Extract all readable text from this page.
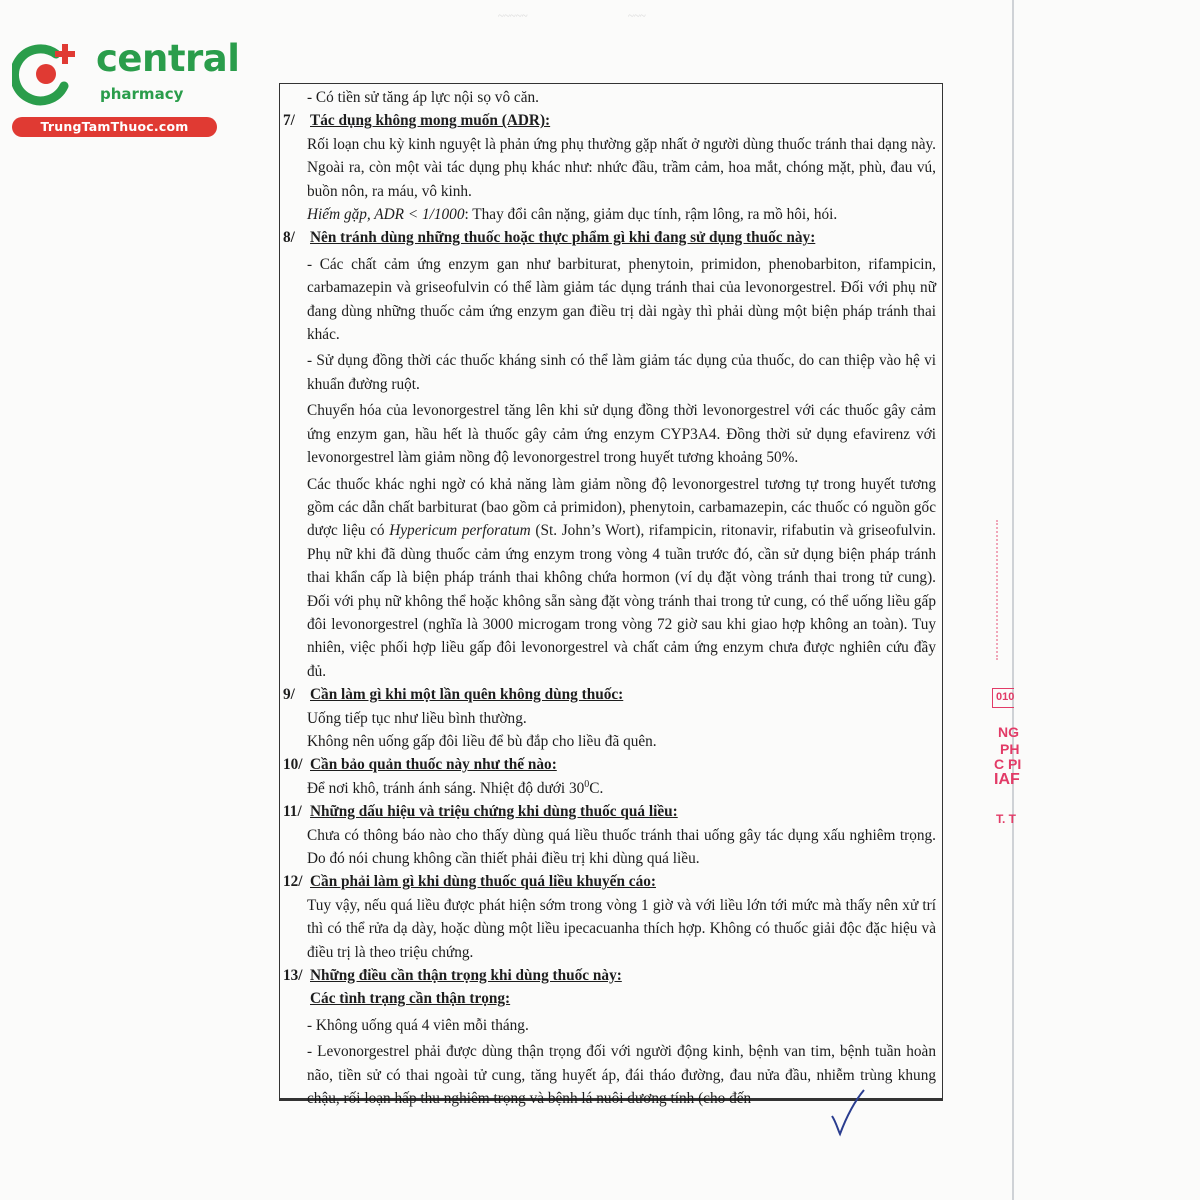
central
pharmacy
TrungTamThuoc.com
~~~~~	~~~

- Có tiền sử tăng áp lực nội sọ vô căn.

7/ Tác dụng không mong muốn (ADR):

Rối loạn chu kỳ kinh nguyệt là phản ứng phụ thường gặp nhất ở người dùng thuốc tránh thai dạng này. Ngoài ra, còn một vài tác dụng phụ khác như: nhức đầu, trầm cảm, hoa mắt, chóng mặt, phù, đau vú, buồn nôn, ra máu, vô kinh.

Hiếm gặp, ADR < 1/1000: Thay đổi cân nặng, giảm dục tính, rậm lông, ra mồ hôi, hói.

8/ Nên tránh dùng những thuốc hoặc thực phẩm gì khi đang sử dụng thuốc này:

- Các chất cảm ứng enzym gan như barbiturat, phenytoin, primidon, phenobarbiton, rifampicin, carbamazepin và griseofulvin có thể làm giảm tác dụng tránh thai của levonorgestrel. Đối với phụ nữ đang dùng những thuốc cảm ứng enzym gan điều trị dài ngày thì phải dùng một biện pháp tránh thai khác.

- Sử dụng đồng thời các thuốc kháng sinh có thể làm giảm tác dụng của thuốc, do can thiệp vào hệ vi khuẩn đường ruột.

Chuyển hóa của levonorgestrel tăng lên khi sử dụng đồng thời levonorgestrel với các thuốc gây cảm ứng enzym gan, hầu hết là thuốc gây cảm ứng enzym CYP3A4. Đồng thời sử dụng efavirenz với levonorgestrel làm giảm nồng độ levonorgestrel trong huyết tương khoảng 50%.

Các thuốc khác nghi ngờ có khả năng làm giảm nồng độ levonorgestrel tương tự trong huyết tương gồm các dẫn chất barbiturat (bao gồm cả primidon), phenytoin, carbamazepin, các thuốc có nguồn gốc dược liệu có Hypericum perforatum (St. John’s Wort), rifampicin, ritonavir, rifabutin và griseofulvin. Phụ nữ khi đã dùng thuốc cảm ứng enzym trong vòng 4 tuần trước đó, cần sử dụng biện pháp tránh thai khẩn cấp là biện pháp tránh thai không chứa hormon (ví dụ đặt vòng tránh thai trong tử cung). Đối với phụ nữ không thể hoặc không sẵn sàng đặt vòng tránh thai trong tử cung, có thể uống liều gấp đôi levonorgestrel (nghĩa là 3000 microgam trong vòng 72 giờ sau khi giao hợp không an toàn). Tuy nhiên, việc phối hợp liều gấp đôi levonorgestrel và chất cảm ứng enzym chưa được nghiên cứu đầy đủ.

9/ Cần làm gì khi một lần quên không dùng thuốc:

Uống tiếp tục như liều bình thường.

Không nên uống gấp đôi liều để bù đắp cho liều đã quên.

10/ Cần bảo quản thuốc này như thế nào:

Để nơi khô, tránh ánh sáng. Nhiệt độ dưới $30^0C$.

11/ Những dấu hiệu và triệu chứng khi dùng thuốc quá liều:

Chưa có thông báo nào cho thấy dùng quá liều thuốc tránh thai uống gây tác dụng xấu nghiêm trọng. Do đó nói chung không cần thiết phải điều trị khi dùng quá liều.

12/ Cần phải làm gì khi dùng thuốc quá liều khuyến cáo:

Tuy vậy, nếu quá liều được phát hiện sớm trong vòng 1 giờ và với liều lớn tới mức mà thấy nên xử trí thì có thể rửa dạ dày, hoặc dùng một liều ipecacuanha thích hợp. Không có thuốc giải độc đặc hiệu và điều trị là theo triệu chứng.

13/ Những điều cần thận trọng khi dùng thuốc này:

Các tình trạng cần thận trọng:

- Không uống quá 4 viên mỗi tháng.

- Levonorgestrel phải được dùng thận trọng đối với người động kinh, bệnh van tim, bệnh tuần hoàn não, tiền sử có thai ngoài tử cung, tăng huyết áp, đái tháo đường, đau nửa đầu, nhiễm trùng khung chậu, rối loạn hấp thu nghiêm trọng và bệnh lá nuôi dương tính (cho đến

010
NG
PH
C PI
IAF
T. T
